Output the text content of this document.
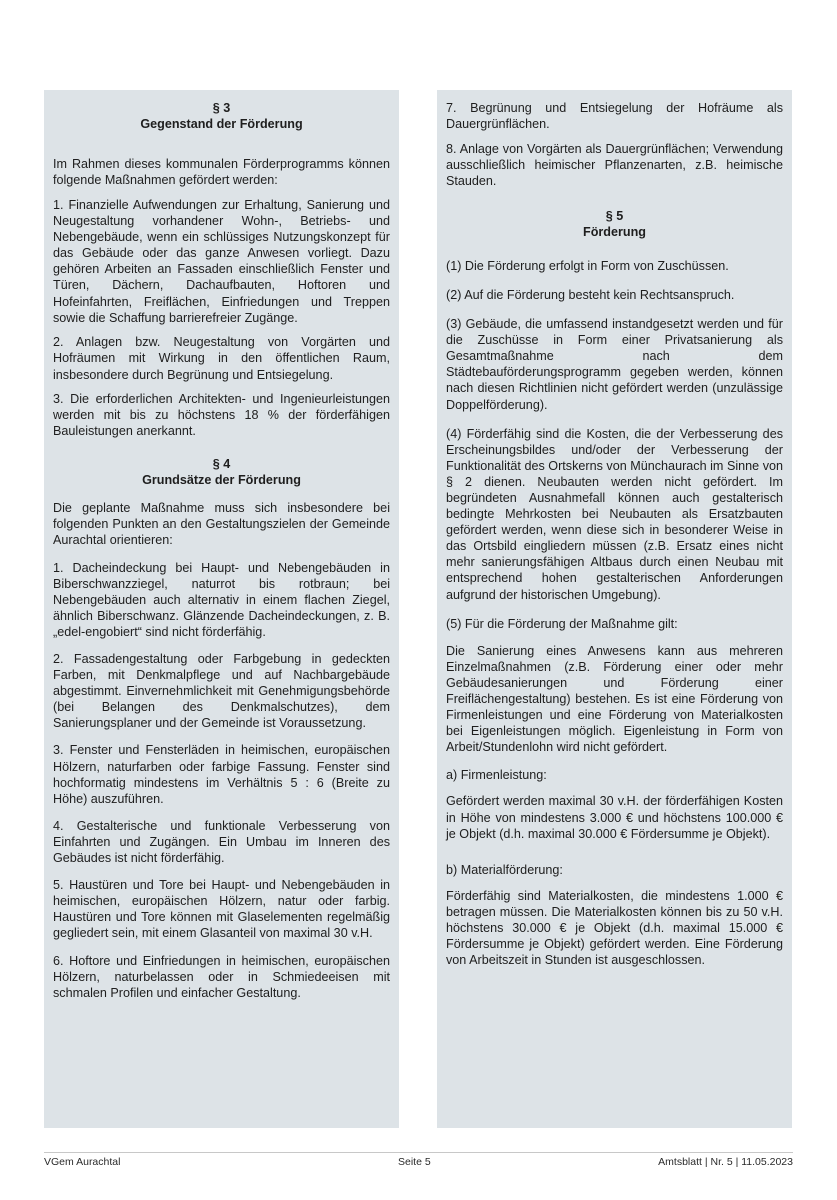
§ 3
Gegenstand der Förderung

Im Rahmen dieses kommunalen Förderprogramms können folgende Maßnahmen gefördert werden:

1. Finanzielle Aufwendungen zur Erhaltung, Sanierung und Neugestaltung vorhandener Wohn-, Betriebs- und Nebengebäude, wenn ein schlüssiges Nutzungskonzept für das Gebäude oder das ganze Anwesen vorliegt. Dazu gehören Arbeiten an Fassaden einschließlich Fenster und Türen, Dächern, Dachaufbauten, Hoftoren und Hofeinfahrten, Freiflächen, Einfriedungen und Treppen sowie die Schaffung barrierefreier Zugänge.

2. Anlagen bzw. Neugestaltung von Vorgärten und Hofräumen mit Wirkung in den öffentlichen Raum, insbesondere durch Begrünung und Entsiegelung.

3. Die erforderlichen Architekten- und Ingenieurleistungen werden mit bis zu höchstens 18 % der förderfähigen Bauleistungen anerkannt.

§ 4
Grundsätze der Förderung

Die geplante Maßnahme muss sich insbesondere bei folgenden Punkten an den Gestaltungszielen der Gemeinde Aurachtal orientieren:

1. Dacheindeckung bei Haupt- und Nebengebäuden in Biberschwanzziegel, naturrot bis rotbraun; bei Nebengebäuden auch alternativ in einem flachen Ziegel, ähnlich Biberschwanz. Glänzende Dacheindeckungen, z. B. „edel-engobiert“ sind nicht förderfähig.

2. Fassadengestaltung oder Farbgebung in gedeckten Farben, mit Denkmalpflege und auf Nachbargebäude abgestimmt. Einvernehmlichkeit mit Genehmigungsbehörde (bei Belangen des Denkmalschutzes), dem Sanierungsplaner und der Gemeinde ist Voraussetzung.

3. Fenster und Fensterläden in heimischen, europäischen Hölzern, naturfarben oder farbige Fassung. Fenster sind hochformatig mindestens im Verhältnis 5 : 6 (Breite zu Höhe) auszuführen.

4. Gestalterische und funktionale Verbesserung von Einfahrten und Zugängen. Ein Umbau im Inneren des Gebäudes ist nicht förderfähig.

5. Haustüren und Tore bei Haupt- und Nebengebäuden in heimischen, europäischen Hölzern, natur oder farbig. Haustüren und Tore können mit Glaselementen regelmäßig gegliedert sein, mit einem Glasanteil von maximal 30 v.H.

6. Hoftore und Einfriedungen in heimischen, europäischen Hölzern, naturbelassen oder in Schmiedeeisen mit schmalen Profilen und einfacher Gestaltung.

7. Begrünung und Entsiegelung der Hofräume als Dauergrünflächen.

8. Anlage von Vorgärten als Dauergrünflächen; Verwendung ausschließlich heimischer Pflanzenarten, z.B. heimische Stauden.

§ 5
Förderung

(1) Die Förderung erfolgt in Form von Zuschüssen.

(2) Auf die Förderung besteht kein Rechtsanspruch.

(3) Gebäude, die umfassend instandgesetzt werden und für die Zuschüsse in Form einer Privatsanierung als Gesamtmaßnahme nach dem Städtebauförderungsprogramm gegeben werden, können nach diesen Richtlinien nicht gefördert werden (unzulässige Doppelförderung).

(4) Förderfähig sind die Kosten, die der Verbesserung des Erscheinungsbildes und/oder der Verbesserung der Funktionalität des Ortskerns von Münchaurach im Sinne von § 2 dienen. Neubauten werden nicht gefördert. Im begründeten Ausnahmefall können auch gestalterisch bedingte Mehrkosten bei Neubauten als Ersatzbauten gefördert werden, wenn diese sich in besonderer Weise in das Ortsbild eingliedern müssen (z.B. Ersatz eines nicht mehr sanierungsfähigen Altbaus durch einen Neubau mit entsprechend hohen gestalterischen Anforderungen aufgrund der historischen Umgebung).

(5) Für die Förderung der Maßnahme gilt:

Die Sanierung eines Anwesens kann aus mehreren Einzelmaßnahmen (z.B. Förderung einer oder mehr Gebäudesanierungen und Förderung einer Freiflächengestaltung) bestehen. Es ist eine Förderung von Firmenleistungen und eine Förderung von Materialkosten bei Eigenleistungen möglich. Eigenleistung in Form von Arbeit/Stundenlohn wird nicht gefördert.

a) Firmenleistung:

Gefördert werden maximal 30 v.H. der förderfähigen Kosten in Höhe von mindestens 3.000 € und höchstens 100.000 € je Objekt (d.h. maximal 30.000 € Fördersumme je Objekt).

b) Materialförderung:

Förderfähig sind Materialkosten, die mindestens 1.000 € betragen müssen. Die Materialkosten können bis zu 50 v.H. höchstens 30.000 € je Objekt (d.h. maximal 15.000 € Fördersumme je Objekt) gefördert werden. Eine Förderung von Arbeitszeit in Stunden ist ausgeschlossen.

VGem Aurachtal	Seite 5	Amtsblatt | Nr. 5 | 11.05.2023
